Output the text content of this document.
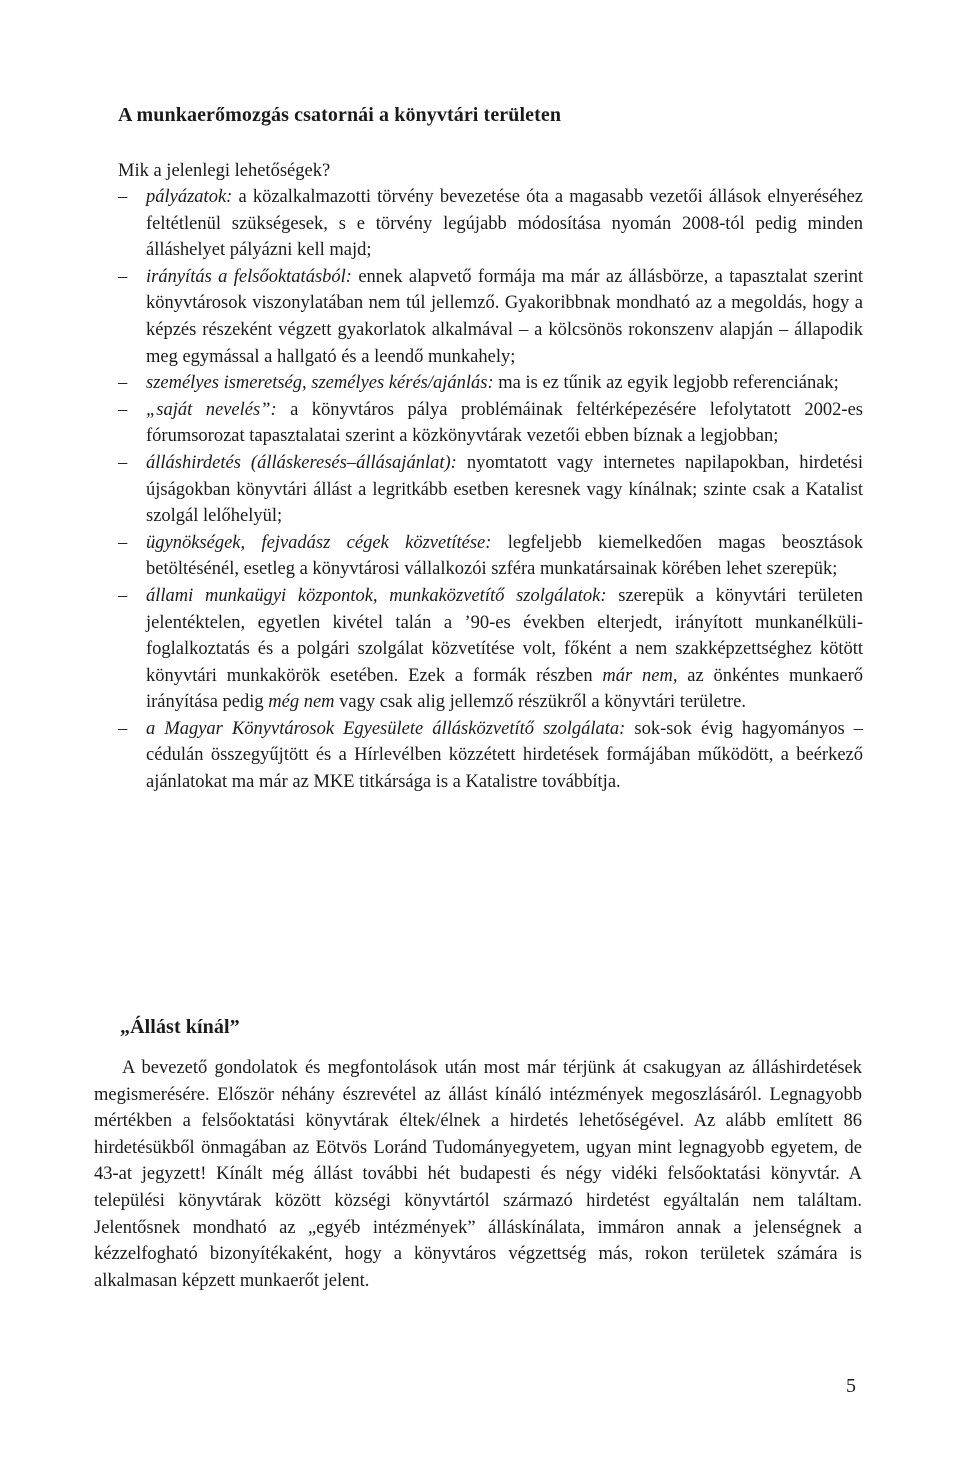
A munkaerőmozgás csatornái a könyvtári területen
Mik a jelenlegi lehetőségek?
– pályázatok: a közalkalmazotti törvény bevezetése óta a magasabb vezetői állások elnyeréséhez feltétlenül szükségesek, s e törvény legújabb módosítása nyomán 2008-tól pedig minden álláshelyet pályázni kell majd;
– irányítás a felsőoktatásból: ennek alapvető formája ma már az állásbörze, a tapasztalat szerint könyvtárosok viszonylatában nem túl jellemző. Gyakoribbnak mondható az a megoldás, hogy a képzés részeként végzett gyakorlatok alkalmával – a kölcsönös rokonszenv alapján – állapodik meg egymással a hallgató és a leendő munkahely;
– személyes ismeretség, személyes kérés/ajánlás: ma is ez tűnik az egyik legjobb referenciának;
– „saját nevelés”: a könyvtáros pálya problémáinak feltérképezésére lefolytatott 2002-es fórumsorozat tapasztalatai szerint a közkönyvtárak vezetői ebben bíznak a legjobban;
– álláshirdetés (álláskeresés–állásajánlat): nyomtatott vagy internetes napilapokban, hirdetési újságokban könyvtári állást a legritkább esetben keresnek vagy kínálnak; szinte csak a Katalist szolgál lelőhelyül;
– ügynökségek, fejvadász cégek közvetítése: legfeljebb kiemelkedően magas beosztások betöltésénél, esetleg a könyvtárosi vállalkozói szféra munkatársainak körében lehet szerepük;
– állami munkaügyi központok, munkaközvetítő szolgálatok: szerepük a könyvtári területen jelentéktelen, egyetlen kivétel talán a ’90-es években elterjedt, irányított munkanélküli-foglalkoztatás és a polgári szolgálat közvetítése volt, főként a nem szakképzettséghez kötött könyvtári munkakörök esetében. Ezek a formák részben már nem, az önkéntes munkaerő irányítása pedig még nem vagy csak alig jellemző részükről a könyvtári területre.
– a Magyar Könyvtárosok Egyesülete állásközvetítő szolgálata: sok-sok évig hagyományos – cédulán összegyűjtött és a Hírlevélben közzétett hirdetések formájában működött, a beérkező ajánlatokat ma már az MKE titkársága is a Katalistre továbbítja.
„Állást kínál”

A bevezető gondolatok és megfontolások után most már térjünk át csakugyan az álláshirdetések megismerésére. Először néhány észrevétel az állást kínáló intézmények megoszlásáról. Legnagyobb mértékben a felsőoktatási könyvtárak éltek/élnek a hirdetés lehetőségével. Az alább említett 86 hirdetésükből önmagában az Eötvös Loránd Tudományegyetem, ugyan mint legnagyobb egyetem, de 43-at jegyzett! Kínált még állást további hét budapesti és négy vidéki felsőoktatási könyvtár. A települési könyvtárak között községi könyvtártól származó hirdetést egyáltalán nem találtam. Jelentősnek mondható az „egyéb intézmények” álláskínálata, immáron annak a jelenségnek a kézzelfogható bizonyítékaként, hogy a könyvtáros végzettség más, rokon területek számára is alkalmasan képzett munkaerőt jelent.

5
